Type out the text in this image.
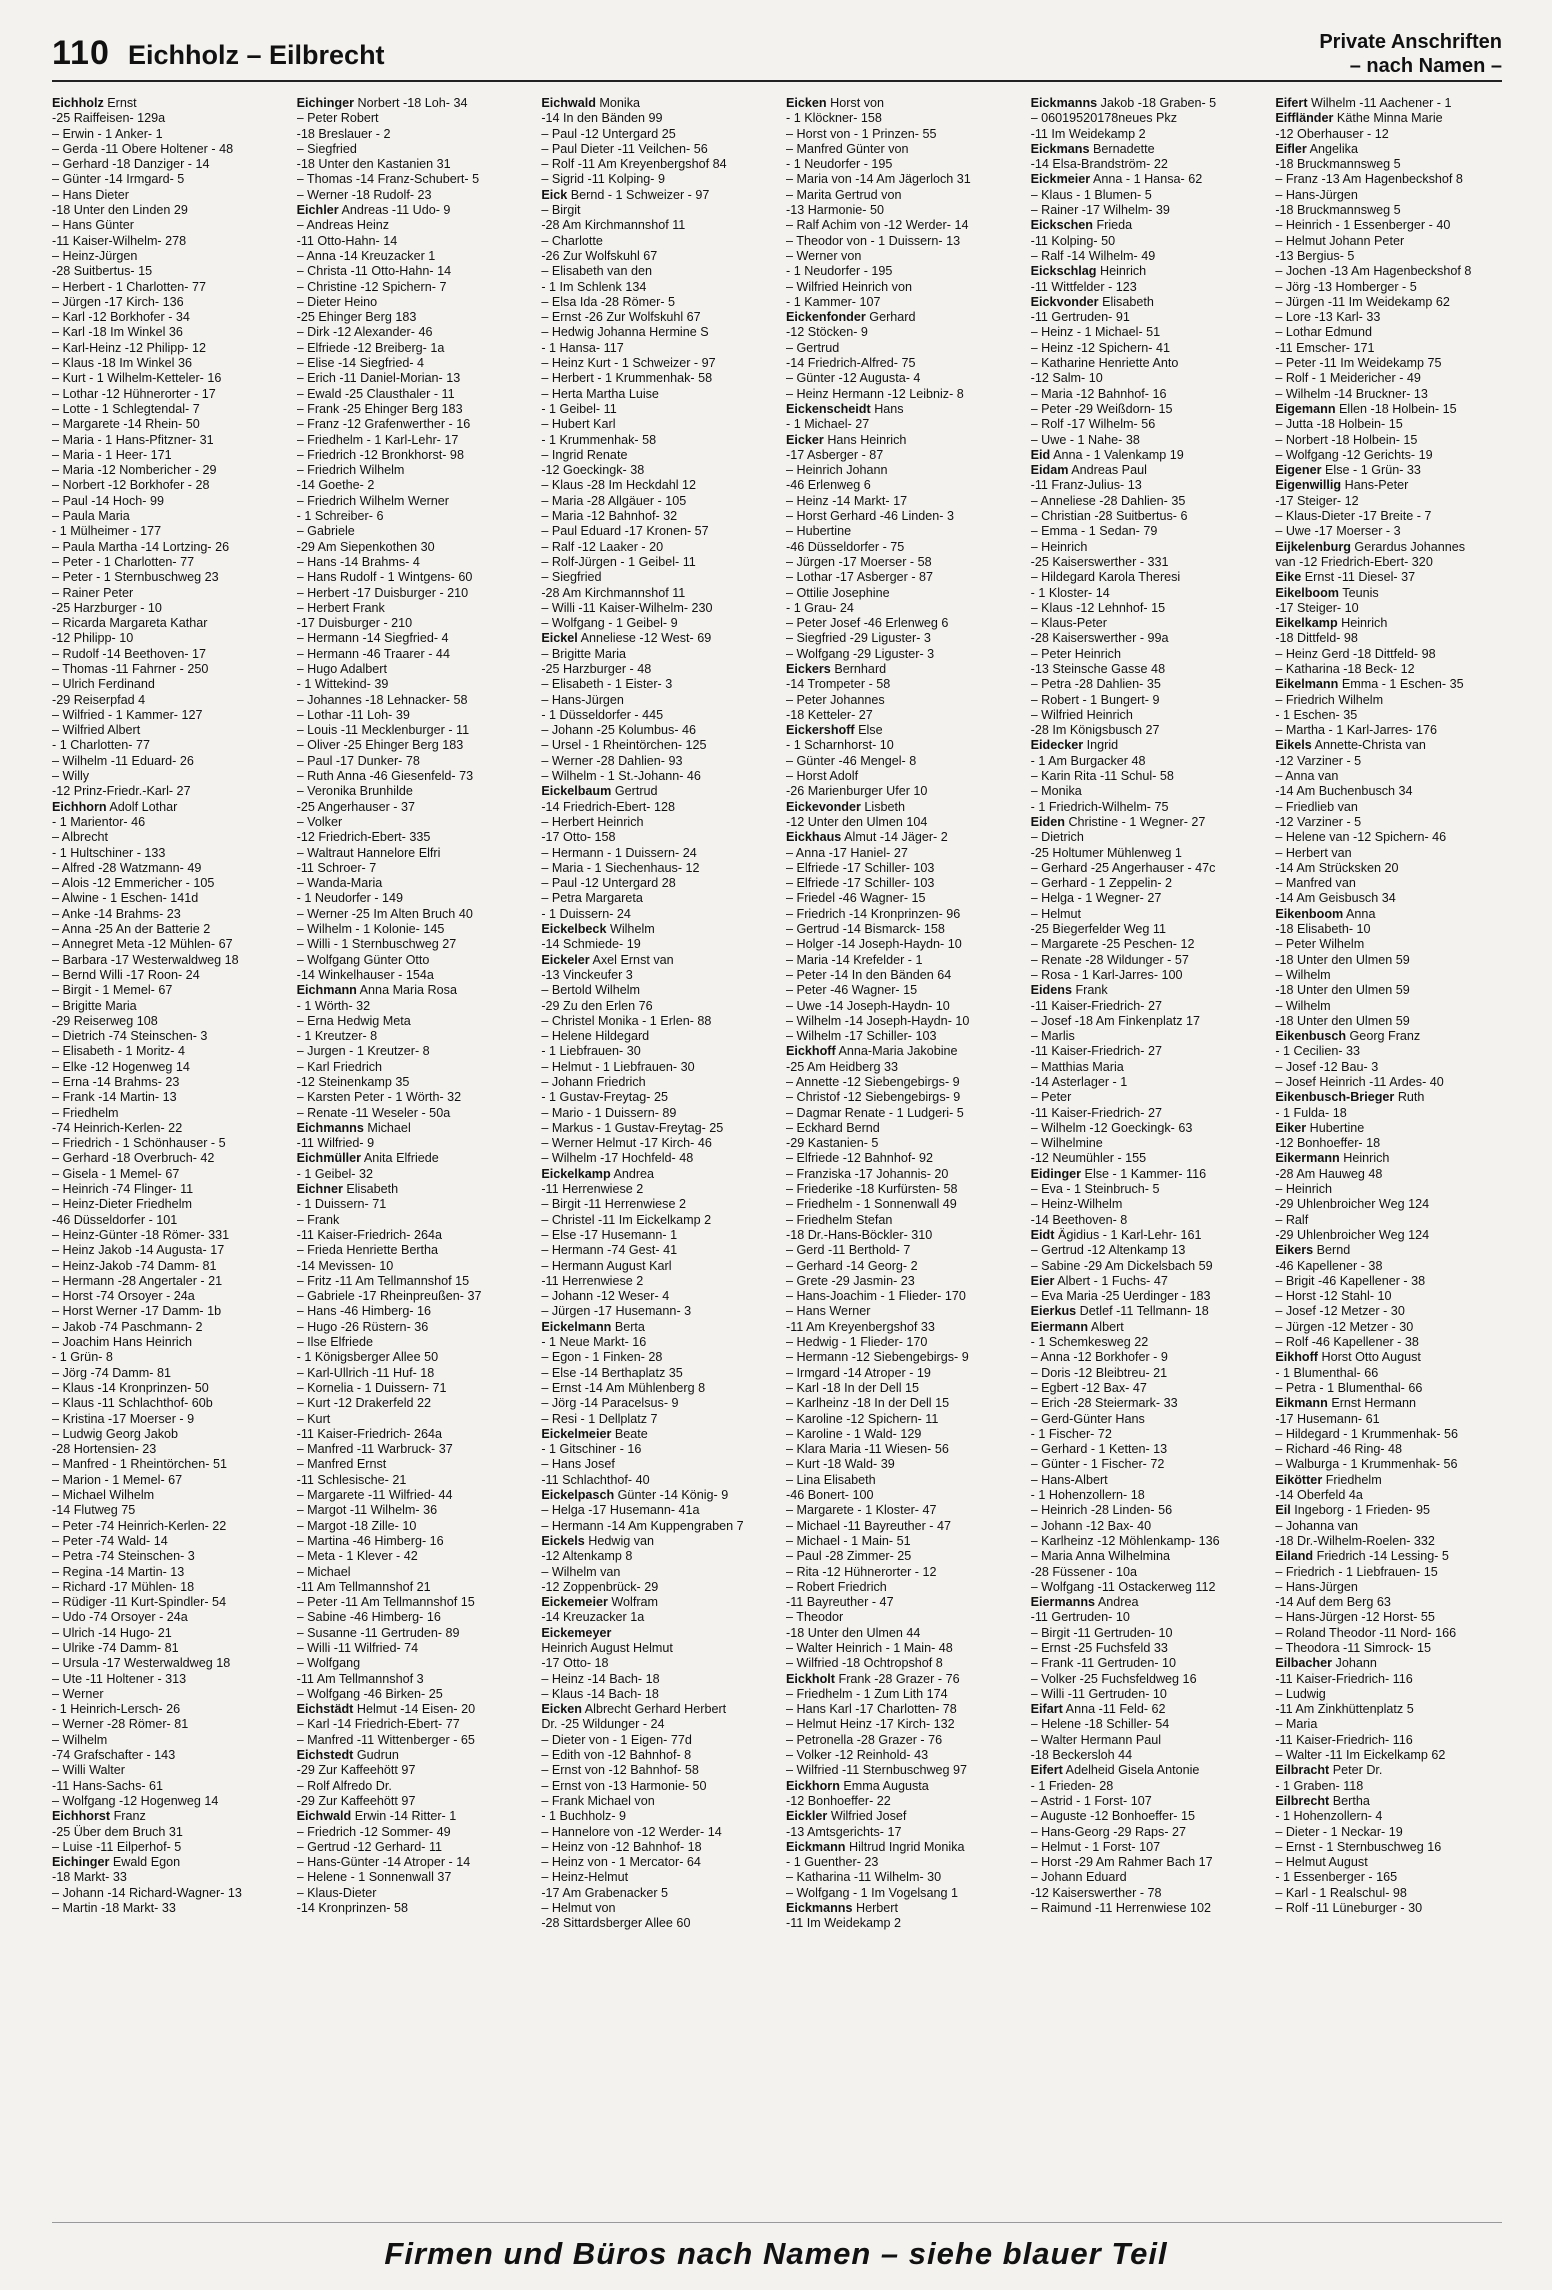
110 Eichholz – Eilbrecht	Private Anschriften
– nach Namen –
Eichholz Ernst
-25 Raiffeisen- 129a
– Erwin - 1 Anker- 1
– Gerda -11 Obere Holtener - 48
– Gerhard -18 Danziger - 14
– Günter -14 Irmgard- 5
– Hans Dieter
-18 Unter den Linden 29
– Hans Günter
-11 Kaiser-Wilhelm- 278
– Heinz-Jürgen
-28 Suitbertus- 15
– Herbert - 1 Charlotten- 77
– Jürgen -17 Kirch- 136
– Karl -12 Borkhofer - 34
– Karl -18 Im Winkel 36
– Karl-Heinz -12 Philipp- 12
– Klaus -18 Im Winkel 36
– Kurt - 1 Wilhelm-Ketteler- 16
– Lothar -12 Hühnerorter - 17
– Lotte - 1 Schlegtendal- 7
– Margarete -14 Rhein- 50
– Maria - 1 Hans-Pfitzner- 31
– Maria - 1 Heer- 171
– Maria -12 Nombericher - 29
– Norbert -12 Borkhofer - 28
– Paul -14 Hoch- 99
– Paula Maria
- 1 Mülheimer - 177
– Paula Martha -14 Lortzing- 26
– Peter - 1 Charlotten- 77
– Peter - 1 Sternbuschweg 23
– Rainer Peter
-25 Harzburger - 10
– Ricarda Margareta Kathar
-12 Philipp- 10
– Rudolf -14 Beethoven- 17
– Thomas -11 Fahrner - 250
– Ulrich Ferdinand
-29 Reiserpfad 4
– Wilfried - 1 Kammer- 127
– Wilfried Albert
- 1 Charlotten- 77
– Wilhelm -11 Eduard- 26
– Willy
-12 Prinz-Friedr.-Karl- 27
Eichhorn Adolf Lothar
- 1 Marientor- 46
– Albrecht
- 1 Hultschiner - 133
– Alfred -28 Watzmann- 49
– Alois -12 Emmericher - 105
– Alwine - 1 Eschen- 141d
– Anke -14 Brahms- 23
– Anna -25 An der Batterie 2
– Annegret Meta -12 Mühlen- 67
– Barbara -17 Westerwaldweg 18
– Bernd Willi -17 Roon- 24
– Birgit - 1 Memel- 67
– Brigitte Maria
-29 Reiserweg 108
– Dietrich -74 Steinschen- 3
– Elisabeth - 1 Moritz- 4
– Elke -12 Hogenweg 14
– Erna -14 Brahms- 23
– Frank -14 Martin- 13
– Friedhelm
-74 Heinrich-Kerlen- 22
– Friedrich - 1 Schönhauser - 5
– Gerhard -18 Overbruch- 42
– Gisela - 1 Memel- 67
– Heinrich -74 Flinger- 11
– Heinz-Dieter Friedhelm
-46 Düsseldorfer - 101
– Heinz-Günter -18 Römer- 331
– Heinz Jakob -14 Augusta- 17
– Heinz-Jakob -74 Damm- 81
– Hermann -28 Angertaler - 21
– Horst -74 Orsoyer - 24a
– Horst Werner -17 Damm- 1b
– Jakob -74 Paschmann- 2
– Joachim Hans Heinrich
- 1 Grün- 8
– Jörg -74 Damm- 81
– Klaus -14 Kronprinzen- 50
– Klaus -11 Schlachthof- 60b
– Kristina -17 Moerser - 9
– Ludwig Georg Jakob
-28 Hortensien- 23
– Manfred - 1 Rheintörchen- 51
– Marion - 1 Memel- 67
– Michael Wilhelm
-14 Flutweg 75
– Peter -74 Heinrich-Kerlen- 22
– Peter -74 Wald- 14
– Petra -74 Steinschen- 3
– Regina -14 Martin- 13
– Richard -17 Mühlen- 18
– Rüdiger -11 Kurt-Spindler- 54
– Udo -74 Orsoyer - 24a
– Ulrich -14 Hugo- 21
– Ulrike -74 Damm- 81
– Ursula -17 Westerwaldweg 18
– Ute -11 Holtener - 313
– Werner
- 1 Heinrich-Lersch- 26
– Werner -28 Römer- 81
– Wilhelm
-74 Grafschafter - 143
– Willi Walter
-11 Hans-Sachs- 61
– Wolfgang -12 Hogenweg 14
Eichhorst Franz
-25 Über dem Bruch 31
– Luise -11 Eilperhof- 5
Eichinger Ewald Egon
-18 Markt- 33
– Johann -14 Richard-Wagner- 13
– Martin -18 Markt- 33
Eichinger Norbert -18 Loh- 34
– Peter Robert
-18 Breslauer - 2
– Siegfried
-18 Unter den Kastanien 31
– Thomas -14 Franz-Schubert- 5
– Werner -18 Rudolf- 23
Eichler Andreas -11 Udo- 9
– Andreas Heinz
-11 Otto-Hahn- 14
– Anna -14 Kreuzacker 1
– Christa -11 Otto-Hahn- 14
– Christine -12 Spichern- 7
– Dieter Heino
-25 Ehinger Berg 183
– Dirk -12 Alexander- 46
– Elfriede -12 Breiberg- 1a
– Elise -14 Siegfried- 4
– Erich -11 Daniel-Morian- 13
– Ewald -25 Clausthaler - 11
– Frank -25 Ehinger Berg 183
– Franz -12 Grafenwerther - 16
– Friedhelm - 1 Karl-Lehr- 17
– Friedrich -12 Bronkhorst- 98
– Friedrich Wilhelm
-14 Goethe- 2
– Friedrich Wilhelm Werner
- 1 Schreiber- 6
– Gabriele
-29 Am Siepenkothen 30
– Hans -14 Brahms- 4
– Hans Rudolf - 1 Wintgens- 60
– Herbert -17 Duisburger - 210
– Herbert Frank
-17 Duisburger - 210
– Hermann -14 Siegfried- 4
– Hermann -46 Traarer - 44
– Hugo Adalbert
- 1 Wittekind- 39
– Johannes -18 Lehnacker- 58
– Lothar -11 Loh- 39
– Louis -11 Mecklenburger - 11
– Oliver -25 Ehinger Berg 183
– Paul -17 Dunker- 78
– Ruth Anna -46 Giesenfeld- 73
– Veronika Brunhilde
-25 Angerhauser - 37
– Volker
-12 Friedrich-Ebert- 335
– Waltraut Hannelore Elfri
-11 Schroer- 7
– Wanda-Maria
- 1 Neudorfer - 149
– Werner -25 Im Alten Bruch 40
– Wilhelm - 1 Kolonie- 145
– Willi - 1 Sternbuschweg 27
– Wolfgang Günter Otto
-14 Winkelhauser - 154a
Eichmann Anna Maria Rosa
- 1 Wörth- 32
– Erna Hedwig Meta
- 1 Kreutzer- 8
– Jurgen - 1 Kreutzer- 8
– Karl Friedrich
-12 Steinenkamp 35
– Karsten Peter - 1 Wörth- 32
– Renate -11 Weseler - 50a
Eichmanns Michael
-11 Wilfried- 9
Eichmüller Anita Elfriede
- 1 Geibel- 32
Eichner Elisabeth
- 1 Duissern- 71
– Frank
-11 Kaiser-Friedrich- 264a
– Frieda Henriette Bertha
-14 Mevissen- 10
– Fritz -11 Am Tellmannshof 15
– Gabriele -17 Rheinpreußen- 37
– Hans -46 Himberg- 16
– Hugo -26 Rüstern- 36
– Ilse Elfriede
- 1 Königsberger Allee 50
– Karl-Ullrich -11 Huf- 18
– Kornelia - 1 Duissern- 71
– Kurt -12 Drakerfeld 22
– Kurt
-11 Kaiser-Friedrich- 264a
– Manfred -11 Warbruck- 37
– Manfred Ernst
-11 Schlesische- 21
– Margarete -11 Wilfried- 44
– Margot -11 Wilhelm- 36
– Margot -18 Zille- 10
– Martina -46 Himberg- 16
– Meta - 1 Klever - 42
– Michael
-11 Am Tellmannshof 21
– Peter -11 Am Tellmannshof 15
– Sabine -46 Himberg- 16
– Susanne -11 Gertruden- 89
– Willi -11 Wilfried- 74
– Wolfgang
-11 Am Tellmannshof 3
– Wolfgang -46 Birken- 25
Eichstädt Helmut -14 Eisen- 20
– Karl -14 Friedrich-Ebert- 77
– Manfred -11 Wittenberger - 65
Eichstedt Gudrun
-29 Zur Kaffeehött 97
– Rolf Alfredo Dr.
-29 Zur Kaffeehött 97
Eichwald Erwin -14 Ritter- 1
– Friedrich -12 Sommer- 49
– Gertrud -12 Gerhard- 11
– Hans-Günter -14 Atroper - 14
– Helene - 1 Sonnenwall 37
– Klaus-Dieter
-14 Kronprinzen- 58
Eichwald Monika
-14 In den Bänden 99
– Paul -12 Untergard 25
– Paul Dieter -11 Veilchen- 56
– Rolf -11 Am Kreyenbergshof 84
– Sigrid -11 Kolping- 9
Eick Bernd - 1 Schweizer - 97
– Birgit
-28 Am Kirchmannshof 11
– Charlotte
-26 Zur Wolfskuhl 67
– Elisabeth van den
- 1 Im Schlenk 134
– Elsa Ida -28 Römer- 5
– Ernst -26 Zur Wolfskuhl 67
– Hedwig Johanna Hermine S
- 1 Hansa- 117
– Heinz Kurt - 1 Schweizer - 97
– Herbert - 1 Krummenhak- 58
– Herta Martha Luise
- 1 Geibel- 11
– Hubert Karl
- 1 Krummenhak- 58
– Ingrid Renate
-12 Goeckingk- 38
– Klaus -28 Im Heckdahl 12
– Maria -28 Allgäuer - 105
– Maria -12 Bahnhof- 32
– Paul Eduard -17 Kronen- 57
– Ralf -12 Laaker - 20
– Rolf-Jürgen - 1 Geibel- 11
– Siegfried
-28 Am Kirchmannshof 11
– Willi -11 Kaiser-Wilhelm- 230
– Wolfgang - 1 Geibel- 9
Eickel Anneliese -12 West- 69
– Brigitte Maria
-25 Harzburger - 48
– Elisabeth - 1 Eister- 3
– Hans-Jürgen
- 1 Düsseldorfer - 445
– Johann -25 Kolumbus- 46
– Ursel - 1 Rheintörchen- 125
– Werner -28 Dahlien- 93
– Wilhelm - 1 St.-Johann- 46
Eickelbaum Gertrud
-14 Friedrich-Ebert- 128
– Herbert Heinrich
-17 Otto- 158
– Hermann - 1 Duissern- 24
– Maria - 1 Siechenhaus- 12
– Paul -12 Untergard 28
– Petra Margareta
- 1 Duissern- 24
Eickelbeck Wilhelm
-14 Schmiede- 19
Eickeler Axel Ernst van
-13 Vinckeufer 3
– Bertold Wilhelm
-29 Zu den Erlen 76
– Christel Monika - 1 Erlen- 88
– Helene Hildegard
- 1 Liebfrauen- 30
– Helmut - 1 Liebfrauen- 30
– Johann Friedrich
- 1 Gustav-Freytag- 25
– Mario - 1 Duissern- 89
– Markus - 1 Gustav-Freytag- 25
– Werner Helmut -17 Kirch- 46
– Wilhelm -17 Hochfeld- 48
Eickelkamp Andrea
-11 Herrenwiese 2
– Birgit -11 Herrenwiese 2
– Christel -11 Im Eickelkamp 2
– Else -17 Husemann- 1
– Hermann -74 Gest- 41
– Hermann August Karl
-11 Herrenwiese 2
– Johann -12 Weser- 4
– Jürgen -17 Husemann- 3
Eickelmann Berta
- 1 Neue Markt- 16
– Egon - 1 Finken- 28
– Else -14 Berthaplatz 35
– Ernst -14 Am Mühlenberg 8
– Jörg -14 Paracelsus- 9
– Resi - 1 Dellplatz 7
Eickelmeier Beate
- 1 Gitschiner - 16
– Hans Josef
-11 Schlachthof- 40
Eickelpasch Günter -14 König- 9
– Helga -17 Husemann- 41a
– Hermann -14 Am Kuppengraben 7
Eickels Hedwig van
-12 Altenkamp 8
– Wilhelm van
-12 Zoppenbrück- 29
Eickemeier Wolfram
-14 Kreuzacker 1a
Eickemeyer
Heinrich August Helmut
-17 Otto- 18
– Heinz -14 Bach- 18
– Klaus -14 Bach- 18
Eicken Albrecht Gerhard Herbert
Dr. -25 Wildunger - 24
– Dieter von - 1 Eigen- 77d
– Edith von -12 Bahnhof- 8
– Ernst von -12 Bahnhof- 58
– Ernst von -13 Harmonie- 50
– Frank Michael von
- 1 Buchholz- 9
– Hannelore von -12 Werder- 14
– Heinz von -12 Bahnhof- 18
– Heinz von - 1 Mercator- 64
– Heinz-Helmut
-17 Am Grabenacker 5
– Helmut von
-28 Sittardsberger Allee 60
Eicken Horst von
- 1 Klöckner- 158
– Horst von - 1 Prinzen- 55
– Manfred Günter von
- 1 Neudorfer - 195
– Maria von -14 Am Jägerloch 31
– Marita Gertrud von
-13 Harmonie- 50
– Ralf Achim von -12 Werder- 14
– Theodor von - 1 Duissern- 13
– Werner von
- 1 Neudorfer - 195
– Wilfried Heinrich von
- 1 Kammer- 107
Eickenfonder Gerhard
-12 Stöcken- 9
– Gertrud
-14 Friedrich-Alfred- 75
– Günter -12 Augusta- 4
– Heinz Hermann -12 Leibniz- 8
Eickenscheidt Hans
- 1 Michael- 27
Eicker Hans Heinrich
-17 Asberger - 87
– Heinrich Johann
-46 Erlenweg 6
– Heinz -14 Markt- 17
– Horst Gerhard -46 Linden- 3
– Hubertine
-46 Düsseldorfer - 75
– Jürgen -17 Moerser - 58
– Lothar -17 Asberger - 87
– Ottilie Josephine
- 1 Grau- 24
– Peter Josef -46 Erlenweg 6
– Siegfried -29 Liguster- 3
– Wolfgang -29 Liguster- 3
Eickers Bernhard
-14 Trompeter - 58
– Peter Johannes
-18 Ketteler- 27
Eickershoff Else
- 1 Scharnhorst- 10
– Günter -46 Mengel- 8
– Horst Adolf
-26 Marienburger Ufer 10
Eickevonder Lisbeth
-12 Unter den Ulmen 104
Eickhaus Almut -14 Jäger- 2
– Anna -17 Haniel- 27
– Elfriede -17 Schiller- 103
– Elfriede -17 Schiller- 103
– Friedel -46 Wagner- 15
– Friedrich -14 Kronprinzen- 96
– Gertrud -14 Bismarck- 158
– Holger -14 Joseph-Haydn- 10
– Maria -14 Krefelder - 1
– Peter -14 In den Bänden 64
– Peter -46 Wagner- 15
– Uwe -14 Joseph-Haydn- 10
– Wilhelm -14 Joseph-Haydn- 10
– Wilhelm -17 Schiller- 103
Eickhoff Anna-Maria Jakobine
-25 Am Heidberg 33
– Annette -12 Siebengebirgs- 9
– Christof -12 Siebengebirgs- 9
– Dagmar Renate - 1 Ludgeri- 5
– Eckhard Bernd
-29 Kastanien- 5
– Elfriede -12 Bahnhof- 92
– Franziska -17 Johannis- 20
– Friederike -18 Kurfürsten- 58
– Friedhelm - 1 Sonnenwall 49
– Friedhelm Stefan
-18 Dr.-Hans-Böckler- 310
– Gerd -11 Berthold- 7
– Gerhard -14 Georg- 2
– Grete -29 Jasmin- 23
– Hans-Joachim - 1 Flieder- 170
– Hans Werner
-11 Am Kreyenbergshof 33
– Hedwig - 1 Flieder- 170
– Hermann -12 Siebengebirgs- 9
– Irmgard -14 Atroper - 19
– Karl -18 In der Dell 15
– Karlheinz -18 In der Dell 15
– Karoline -12 Spichern- 11
– Karoline - 1 Wald- 129
– Klara Maria -11 Wiesen- 56
– Kurt -18 Wald- 39
– Lina Elisabeth
-46 Bonert- 100
– Margarete - 1 Kloster- 47
– Michael -11 Bayreuther - 47
– Michael - 1 Main- 51
– Paul -28 Zimmer- 25
– Rita -12 Hühnerorter - 12
– Robert Friedrich
-11 Bayreuther - 47
– Theodor
-18 Unter den Ulmen 44
– Walter Heinrich - 1 Main- 48
– Wilfried -18 Ochtropshof 8
Eickholt Frank -28 Grazer - 76
– Friedhelm - 1 Zum Lith 174
– Hans Karl -17 Charlotten- 78
– Helmut Heinz -17 Kirch- 132
– Petronella -28 Grazer - 76
– Volker -12 Reinhold- 43
– Wilfried -11 Sternbuschweg 97
Eickhorn Emma Augusta
-12 Bonhoeffer- 22
Eickler Wilfried Josef
-13 Amtsgerichts- 17
Eickmann Hiltrud Ingrid Monika
- 1 Guenther- 23
– Katharina -11 Wilhelm- 30
– Wolfgang - 1 Im Vogelsang 1
Eickmanns Herbert
-11 Im Weidekamp 2
Eickmanns Jakob -18 Graben- 5
– 06019520178neues Pkz
-11 Im Weidekamp 2
Eickmans Bernadette
-14 Elsa-Brandström- 22
Eickmeier Anna - 1 Hansa- 62
– Klaus - 1 Blumen- 5
– Rainer -17 Wilhelm- 39
Eickschen Frieda
-11 Kolping- 50
– Ralf -14 Wilhelm- 49
Eickschlag Heinrich
-11 Wittfelder - 123
Eickvonder Elisabeth
-11 Gertruden- 91
– Heinz - 1 Michael- 51
– Heinz -12 Spichern- 41
– Katharine Henriette Anto
-12 Salm- 10
– Maria -12 Bahnhof- 16
– Peter -29 Weißdorn- 15
– Rolf -17 Wilhelm- 56
– Uwe - 1 Nahe- 38
Eid Anna - 1 Valenkamp 19
Eidam Andreas Paul
-11 Franz-Julius- 13
– Anneliese -28 Dahlien- 35
– Christian -28 Suitbertus- 6
– Emma - 1 Sedan- 79
– Heinrich
-25 Kaiserswerther - 331
– Hildegard Karola Theresi
- 1 Kloster- 14
– Klaus -12 Lehnhof- 15
– Klaus-Peter
-28 Kaiserswerther - 99a
– Peter Heinrich
-13 Steinsche Gasse 48
– Petra -28 Dahlien- 35
– Robert - 1 Bungert- 9
– Wilfried Heinrich
-28 Im Königsbusch 27
Eidecker Ingrid
- 1 Am Burgacker 48
– Karin Rita -11 Schul- 58
– Monika
- 1 Friedrich-Wilhelm- 75
Eiden Christine - 1 Wegner- 27
– Dietrich
-25 Holtumer Mühlenweg 1
– Gerhard -25 Angerhauser - 47c
– Gerhard - 1 Zeppelin- 2
– Helga - 1 Wegner- 27
– Helmut
-25 Biegerfelder Weg 11
– Margarete -25 Peschen- 12
– Renate -28 Wildunger - 57
– Rosa - 1 Karl-Jarres- 100
Eidens Frank
-11 Kaiser-Friedrich- 27
– Josef -18 Am Finkenplatz 17
– Marlis
-11 Kaiser-Friedrich- 27
– Matthias Maria
-14 Asterlager - 1
– Peter
-11 Kaiser-Friedrich- 27
– Wilhelm -12 Goeckingk- 63
– Wilhelmine
-12 Neumühler - 155
Eidinger Else - 1 Kammer- 116
– Eva - 1 Steinbruch- 5
– Heinz-Wilhelm
-14 Beethoven- 8
Eidt Ägidius - 1 Karl-Lehr- 161
– Gertrud -12 Altenkamp 13
– Sabine -29 Am Dickelsbach 59
Eier Albert - 1 Fuchs- 47
– Eva Maria -25 Uerdinger - 183
Eierkus Detlef -11 Tellmann- 18
Eiermann Albert
- 1 Schemkesweg 22
– Anna -12 Borkhofer - 9
– Doris -12 Bleibtreu- 21
– Egbert -12 Bax- 47
– Erich -28 Steiermark- 33
– Gerd-Günter Hans
- 1 Fischer- 72
– Gerhard - 1 Ketten- 13
– Günter - 1 Fischer- 72
– Hans-Albert
- 1 Hohenzollern- 18
– Heinrich -28 Linden- 56
– Johann -12 Bax- 40
– Karlheinz -12 Möhlenkamp- 136
– Maria Anna Wilhelmina
-28 Füssener - 10a
– Wolfgang -11 Ostackerweg 112
Eiermanns Andrea
-11 Gertruden- 10
– Birgit -11 Gertruden- 10
– Ernst -25 Fuchsfeld 33
– Frank -11 Gertruden- 10
– Volker -25 Fuchsfeldweg 16
– Willi -11 Gertruden- 10
Eifart Anna -11 Feld- 62
– Helene -18 Schiller- 54
– Walter Hermann Paul
-18 Beckersloh 44
Eifert Adelheid Gisela Antonie
- 1 Frieden- 28
– Astrid - 1 Forst- 107
– Auguste -12 Bonhoeffer- 15
– Hans-Georg -29 Raps- 27
– Helmut - 1 Forst- 107
– Horst -29 Am Rahmer Bach 17
– Johann Eduard
-12 Kaiserswerther - 78
– Raimund -11 Herrenwiese 102
Eifert Wilhelm -11 Aachener - 1
Eiffländer Käthe Minna Marie
-12 Oberhauser - 12
Eifler Angelika
-18 Bruckmannsweg 5
– Franz -13 Am Hagenbeckshof 8
– Hans-Jürgen
-18 Bruckmannsweg 5
– Heinrich - 1 Essenberger - 40
– Helmut Johann Peter
-13 Bergius- 5
– Jochen -13 Am Hagenbeckshof 8
– Jörg -13 Homberger - 5
– Jürgen -11 Im Weidekamp 62
– Lore -13 Karl- 33
– Lothar Edmund
-11 Emscher- 171
– Peter -11 Im Weidekamp 75
– Rolf - 1 Meidericher - 49
– Wilhelm -14 Bruckner- 13
Eigemann Ellen -18 Holbein- 15
– Jutta -18 Holbein- 15
– Norbert -18 Holbein- 15
– Wolfgang -12 Gerichts- 19
Eigener Else - 1 Grün- 33
Eigenwillig Hans-Peter
-17 Steiger- 12
– Klaus-Dieter -17 Breite - 7
– Uwe -17 Moerser - 3
Eijkelenburg Gerardus Johannes
van -12 Friedrich-Ebert- 320
Eike Ernst -11 Diesel- 37
Eikelboom Teunis
-17 Steiger- 10
Eikelkamp Heinrich
-18 Dittfeld- 98
– Heinz Gerd -18 Dittfeld- 98
– Katharina -18 Beck- 12
Eikelmann Emma - 1 Eschen- 35
– Friedrich Wilhelm
- 1 Eschen- 35
– Martha - 1 Karl-Jarres- 176
Eikels Annette-Christa van
-12 Varziner - 5
– Anna van
-14 Am Buchenbusch 34
– Friedlieb van
-12 Varziner - 5
– Helene van -12 Spichern- 46
– Herbert van
-14 Am Strücksken 20
– Manfred van
-14 Am Geisbusch 34
Eikenboom Anna
-18 Elisabeth- 10
– Peter Wilhelm
-18 Unter den Ulmen 59
– Wilhelm
-18 Unter den Ulmen 59
– Wilhelm
-18 Unter den Ulmen 59
Eikenbusch Georg Franz
- 1 Cecilien- 33
– Josef -12 Bau- 3
– Josef Heinrich -11 Ardes- 40
Eikenbusch-Brieger Ruth
- 1 Fulda- 18
Eiker Hubertine
-12 Bonhoeffer- 18
Eikermann Heinrich
-28 Am Hauweg 48
– Heinrich
-29 Uhlenbroicher Weg 124
– Ralf
-29 Uhlenbroicher Weg 124
Eikers Bernd
-46 Kapellener - 38
– Brigit -46 Kapellener - 38
– Horst -12 Stahl- 10
– Josef -12 Metzer - 30
– Jürgen -12 Metzer - 30
– Rolf -46 Kapellener - 38
Eikhoff Horst Otto August
- 1 Blumenthal- 66
– Petra - 1 Blumenthal- 66
Eikmann Ernst Hermann
-17 Husemann- 61
– Hildegard - 1 Krummenhak- 56
– Richard -46 Ring- 48
– Walburga - 1 Krummenhak- 56
Eikötter Friedhelm
-14 Oberfeld 4a
Eil Ingeborg - 1 Frieden- 95
– Johanna van
-18 Dr.-Wilhelm-Roelen- 332
Eiland Friedrich -14 Lessing- 5
– Friedrich - 1 Liebfrauen- 15
– Hans-Jürgen
-14 Auf dem Berg 63
– Hans-Jürgen -12 Horst- 55
– Roland Theodor -11 Nord- 166
– Theodora -11 Simrock- 15
Eilbacher Johann
-11 Kaiser-Friedrich- 116
– Ludwig
-11 Am Zinkhüttenplatz 5
– Maria
-11 Kaiser-Friedrich- 116
– Walter -11 Im Eickelkamp 62
Eilbracht Peter Dr.
- 1 Graben- 118
Eilbrecht Bertha
- 1 Hohenzollern- 4
– Dieter - 1 Neckar- 19
– Ernst - 1 Sternbuschweg 16
– Helmut August
- 1 Essenberger - 165
– Karl - 1 Realschul- 98
– Rolf -11 Lüneburger - 30
Firmen und Büros nach Namen – siehe blauer Teil
